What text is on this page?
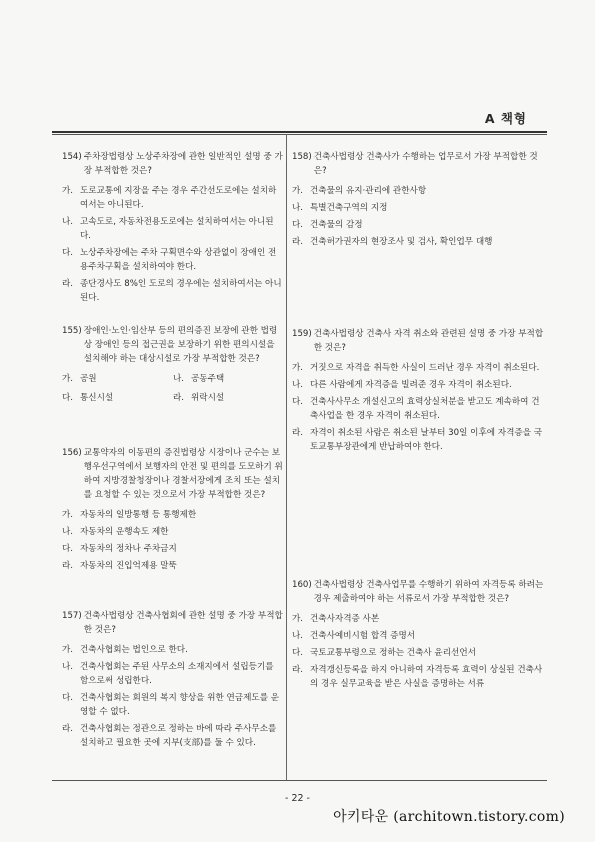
A 책형
154) 주차장법령상 노상주차장에 관한 일반적인 설명 중 가장 부적합한 것은?
가. 도로교통에 지장을 주는 경우 주간선도로에는 설치하여서는 아니된다.
나. 고속도로, 자동차전용도로에는 설치하여서는 아니된다.
다. 노상주차장에는 주차 구획면수와 상관없이 장애인 전용주차구획을 설치하여야 한다.
라. 종단경사도 8%인 도로의 경우에는 설치하여서는 아니된다.
155) 장애인·노인·임산부 등의 편의증진 보장에 관한 법령상 장애인 등의 접근권을 보장하기 위한 편의시설을 설치해야 하는 대상시설로 가장 부적합한 것은?
가. 공원	나. 공동주택
다. 통신시설	라. 위락시설
156) 교통약자의 이동편의 증진법령상 시장이나 군수는 보행우선구역에서 보행자의 안전 및 편의를 도모하기 위하여 지방경찰청장이나 경찰서장에게 조치 또는 설치를 요청할 수 있는 것으로서 가장 부적합한 것은?
가. 자동차의 일방통행 등 통행제한
나. 자동차의 운행속도 제한
다. 자동차의 정차나 주차금지
라. 자동차의 진입억제용 말뚝
157) 건축사법령상 건축사협회에 관한 설명 중 가장 부적합한 것은?
가. 건축사협회는 법인으로 한다.
나. 건축사협회는 주된 사무소의 소재지에서 설립등기를 함으로써 성립한다.
다. 건축사협회는 회원의 복지 향상을 위한 연금제도를 운영할 수 없다.
라. 건축사협회는 정관으로 정하는 바에 따라 주사무소를 설치하고 필요한 곳에 지부(支部)를 둘 수 있다.
158) 건축사법령상 건축사가 수행하는 업무로서 가장 부적합한 것은?
가. 건축물의 유지·관리에 관한사항
나. 특별건축구역의 지정
다. 건축물의 감정
라. 건축허가권자의 현장조사 및 검사, 확인업무 대행
159) 건축사법령상 건축사 자격 취소와 관련된 설명 중 가장 부적합한 것은?
가. 거짓으로 자격을 취득한 사실이 드러난 경우 자격이 취소된다.
나. 다른 사람에게 자격증을 빌려준 경우 자격이 취소된다.
다. 건축사사무소 개설신고의 효력상실처분을 받고도 계속하여 건축사업을 한 경우 자격이 취소된다.
라. 자격이 취소된 사람은 취소된 날부터 30일 이후에 자격증을 국토교통부장관에게 반납하여야 한다.
160) 건축사법령상 건축사업무를 수행하기 위하여 자격등록 하려는 경우 제출하여야 하는 서류로서 가장 부적합한 것은?
가. 건축사자격증 사본
나. 건축사예비시험 합격 증명서
다. 국토교통부령으로 정하는 건축사 윤리선언서
라. 자격갱신등록을 하지 아니하여 자격등록 효력이 상실된 건축사의 경우 실무교육을 받은 사실을 증명하는 서류
- 22 -
아키타운 (architown.tistory.com)
